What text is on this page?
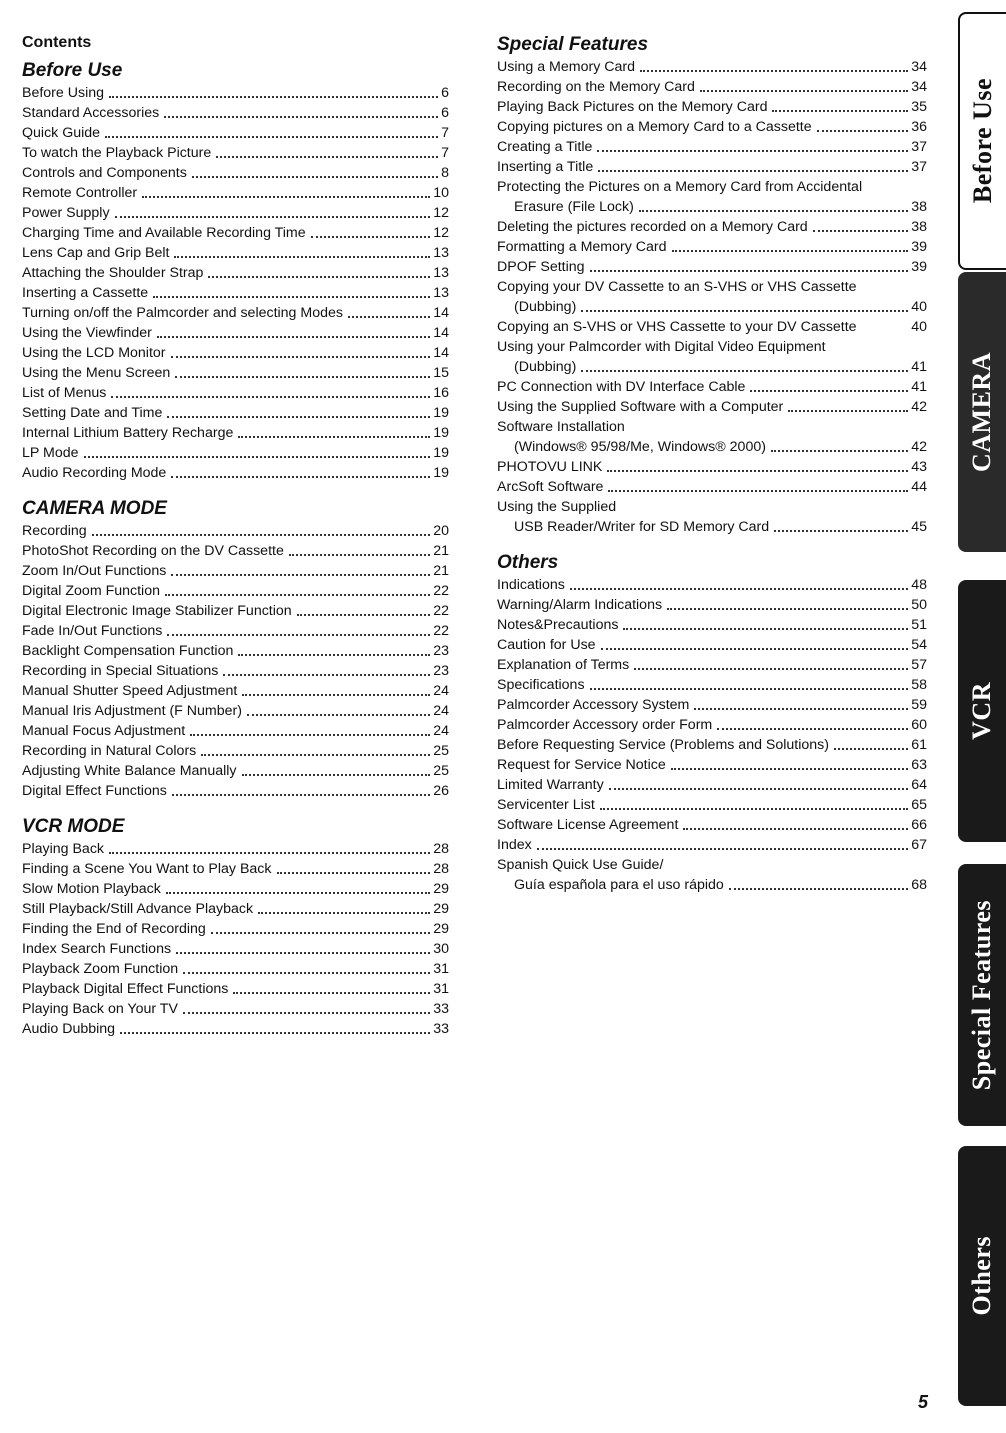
Contents
Before Use
Before Using	6
Standard Accessories	6
Quick Guide	7
To watch the Playback Picture	7
Controls and Components	8
Remote Controller	10
Power Supply	12
Charging Time and Available Recording Time	12
Lens Cap and Grip Belt	13
Attaching the Shoulder Strap	13
Inserting a Cassette	13
Turning on/off the Palmcorder and selecting Modes	14
Using the Viewfinder	14
Using the LCD Monitor	14
Using the Menu Screen	15
List of Menus	16
Setting Date and Time	19
Internal Lithium Battery Recharge	19
LP Mode	19
Audio Recording Mode	19
CAMERA MODE
Recording	20
PhotoShot Recording on the DV Cassette	21
Zoom In/Out Functions	21
Digital Zoom Function	22
Digital Electronic Image Stabilizer Function	22
Fade In/Out Functions	22
Backlight Compensation Function	23
Recording in Special Situations	23
Manual Shutter Speed Adjustment	24
Manual Iris Adjustment (F Number)	24
Manual Focus Adjustment	24
Recording in Natural Colors	25
Adjusting White Balance Manually	25
Digital Effect Functions	26
VCR MODE
Playing Back	28
Finding a Scene You Want to Play Back	28
Slow Motion Playback	29
Still Playback/Still Advance Playback	29
Finding the End of Recording	29
Index Search Functions	30
Playback Zoom Function	31
Playback Digital Effect Functions	31
Playing Back on Your TV	33
Audio Dubbing	33
Special Features
Using a Memory Card	34
Recording on the Memory Card	34
Playing Back Pictures on the Memory Card	35
Copying pictures on a Memory Card to a Cassette	36
Creating a Title	37
Inserting a Title	37
Protecting the Pictures on a Memory Card from Accidental
Erasure (File Lock)	38
Deleting the pictures recorded on a Memory Card	38
Formatting a Memory Card	39
DPOF Setting	39
Copying your DV Cassette to an S-VHS or VHS Cassette
(Dubbing)	40
Copying an S-VHS or VHS Cassette to your DV Cassette	40
Using your Palmcorder with Digital Video Equipment
(Dubbing)	41
PC Connection with DV Interface Cable	41
Using the Supplied Software with a Computer	42
Software Installation
(Windows® 95/98/Me, Windows® 2000)	42
PHOTOVU LINK	43
ArcSoft Software	44
Using the Supplied
USB Reader/Writer for SD Memory Card	45
Others
Indications	48
Warning/Alarm Indications	50
Notes&Precautions	51
Caution for Use	54
Explanation of Terms	57
Specifications	58
Palmcorder Accessory System	59
Palmcorder Accessory order Form	60
Before Requesting Service (Problems and Solutions)	61
Request for Service Notice	63
Limited Warranty	64
Servicenter List	65
Software License Agreement	66
Index	67
Spanish Quick Use Guide/
Guía española para el uso rápido	68
Before Use
CAMERA
VCR
Special Features
Others
5
